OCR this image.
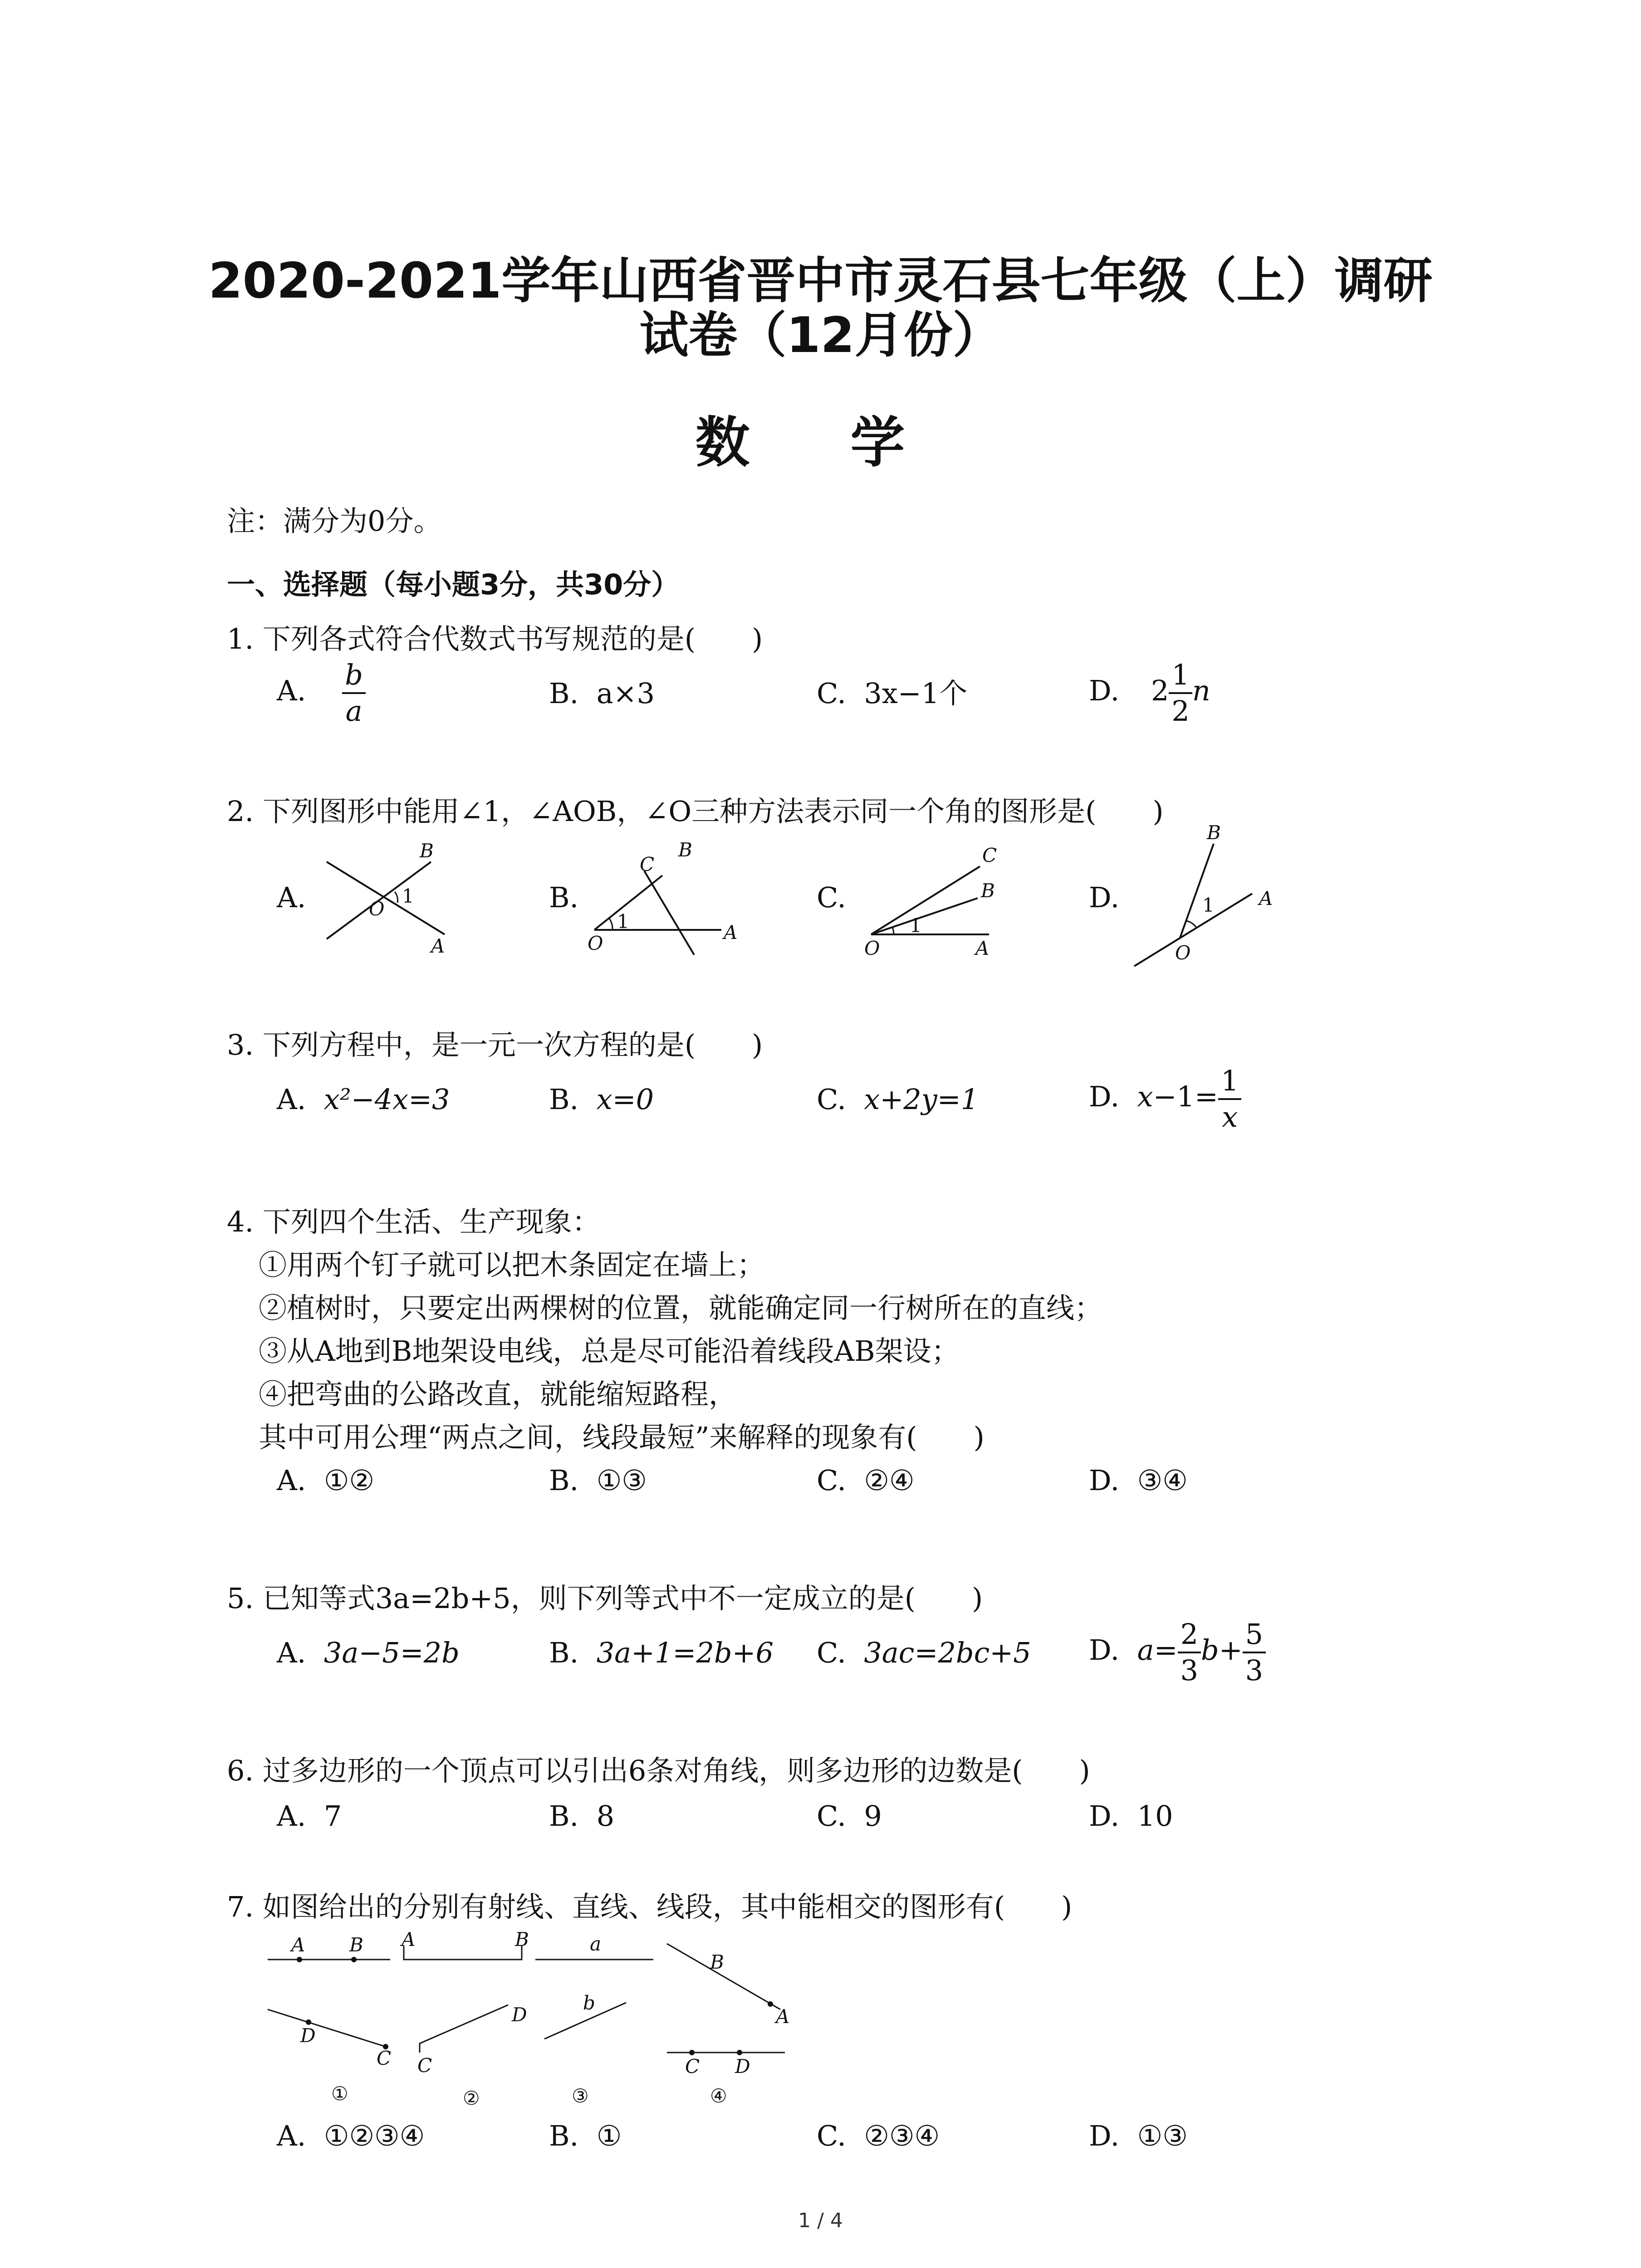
2020-2021学年山西省晋中市灵石县七年级（上）调研
试卷（12月份）
数 学
注：满分为0分。
一、选择题（每小题3分，共30分）
1. 下列各式符合代数式书写规范的是(　　)
A. $\frac{b}{a}$	B. a×3	C. 3x−1个	D. $2 \frac{1}{2}$ n
2. 下列图形中能用∠1，∠AOB，∠O三种方法表示同一个角的图形是(　　)
A.	B.	C.	D.
B
O
1
A
B
C
1
O	A
C
B
1
O	A
B
1 A
O
3. 下列方程中，是一元一次方程的是(　　)
A. x²−4x=3	B. x=0	C. x+2y=1	D. $x-1= \frac{1}{x}$
4. 下列四个生活、生产现象：
①用两个钉子就可以把木条固定在墙上；
②植树时，只要定出两棵树的位置，就能确定同一行树所在的直线；
③从A地到B地架设电线，总是尽可能沿着线段AB架设；
④把弯曲的公路改直，就能缩短路程，
其中可用公理“两点之间，线段最短”来解释的现象有(　　)
A. ①②	B. ①③	C. ②④	D. ③④
5. 已知等式3a=2b+5，则下列等式中不一定成立的是(　　)
A. 3a−5=2b	B. 3a+1=2b+6 C. 3ac=2bc+5 D. $a= \frac{2}{3} b+ \frac{5}{3}$
6. 过多边形的一个顶点可以引出6条对角线，则多边形的边数是(　　)
A. 7	B. 8	C. 9	D. 10
7. 如图给出的分别有射线、直线、线段，其中能相交的图形有(　　)
A B A	B	a
B
A
D
C C
D
b
C D
①	②	③	④
A. ①②③④	B. ①	C. ②③④	D. ①③
1 / 4
